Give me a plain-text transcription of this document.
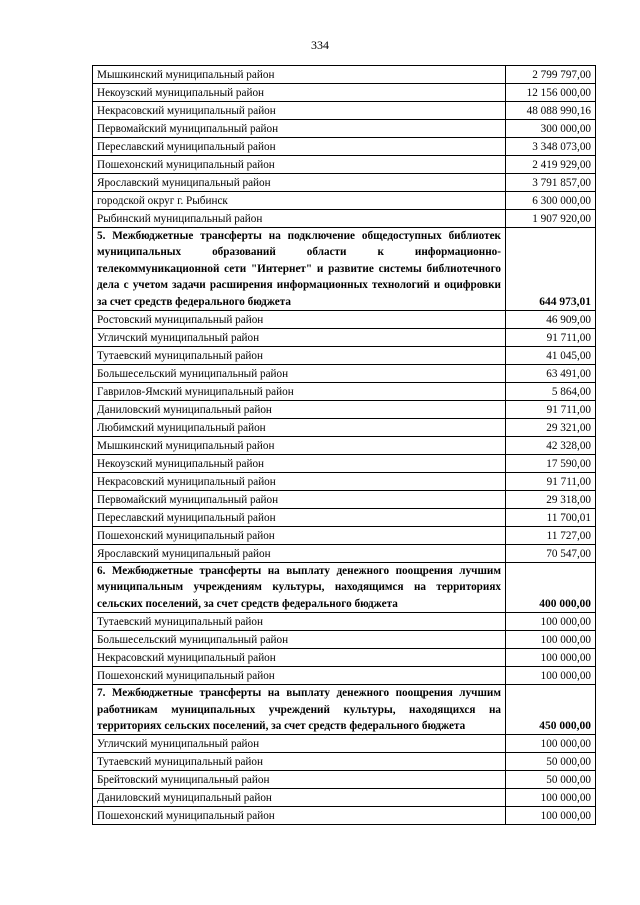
334
Мышкинский муниципальный район	2 799 797,00
Некоузский муниципальный район	12 156 000,00
Некрасовский муниципальный район	48 088 990,16
Первомайский муниципальный район	300 000,00
Переславский муниципальный район	3 348 073,00
Пошехонский муниципальный район	2 419 929,00
Ярославский муниципальный район	3 791 857,00
городской округ г. Рыбинск	6 300 000,00
Рыбинский муниципальный район	1 907 920,00
5. Межбюджетные трансферты на подключение общедоступных библиотек муниципальных образований области к информационно-телекоммуникационной сети "Интернет" и развитие системы библиотечного дела с учетом задачи расширения информационных технологий и оцифровки за счет средств федерального бюджета	644 973,01
Ростовский муниципальный район	46 909,00
Угличский муниципальный район	91 711,00
Тутаевский муниципальный район	41 045,00
Большесельский муниципальный район	63 491,00
Гаврилов-Ямский муниципальный район	5 864,00
Даниловский муниципальный район	91 711,00
Любимский муниципальный район	29 321,00
Мышкинский муниципальный район	42 328,00
Некоузский муниципальный район	17 590,00
Некрасовский муниципальный район	91 711,00
Первомайский муниципальный район	29 318,00
Переславский муниципальный район	11 700,01
Пошехонский муниципальный район	11 727,00
Ярославский муниципальный район	70 547,00
6. Межбюджетные трансферты на выплату денежного поощрения лучшим муниципальным учреждениям культуры, находящимся на территориях сельских поселений, за счет средств федерального бюджета	400 000,00
Тутаевский муниципальный район	100 000,00
Большесельский муниципальный район	100 000,00
Некрасовский муниципальный район	100 000,00
Пошехонский муниципальный район	100 000,00
7. Межбюджетные трансферты на выплату денежного поощрения лучшим работникам муниципальных учреждений культуры, находящихся на территориях сельских поселений, за счет средств федерального бюджета	450 000,00
Угличский муниципальный район	100 000,00
Тутаевский муниципальный район	50 000,00
Брейтовский муниципальный район	50 000,00
Даниловский муниципальный район	100 000,00
Пошехонский муниципальный район	100 000,00
